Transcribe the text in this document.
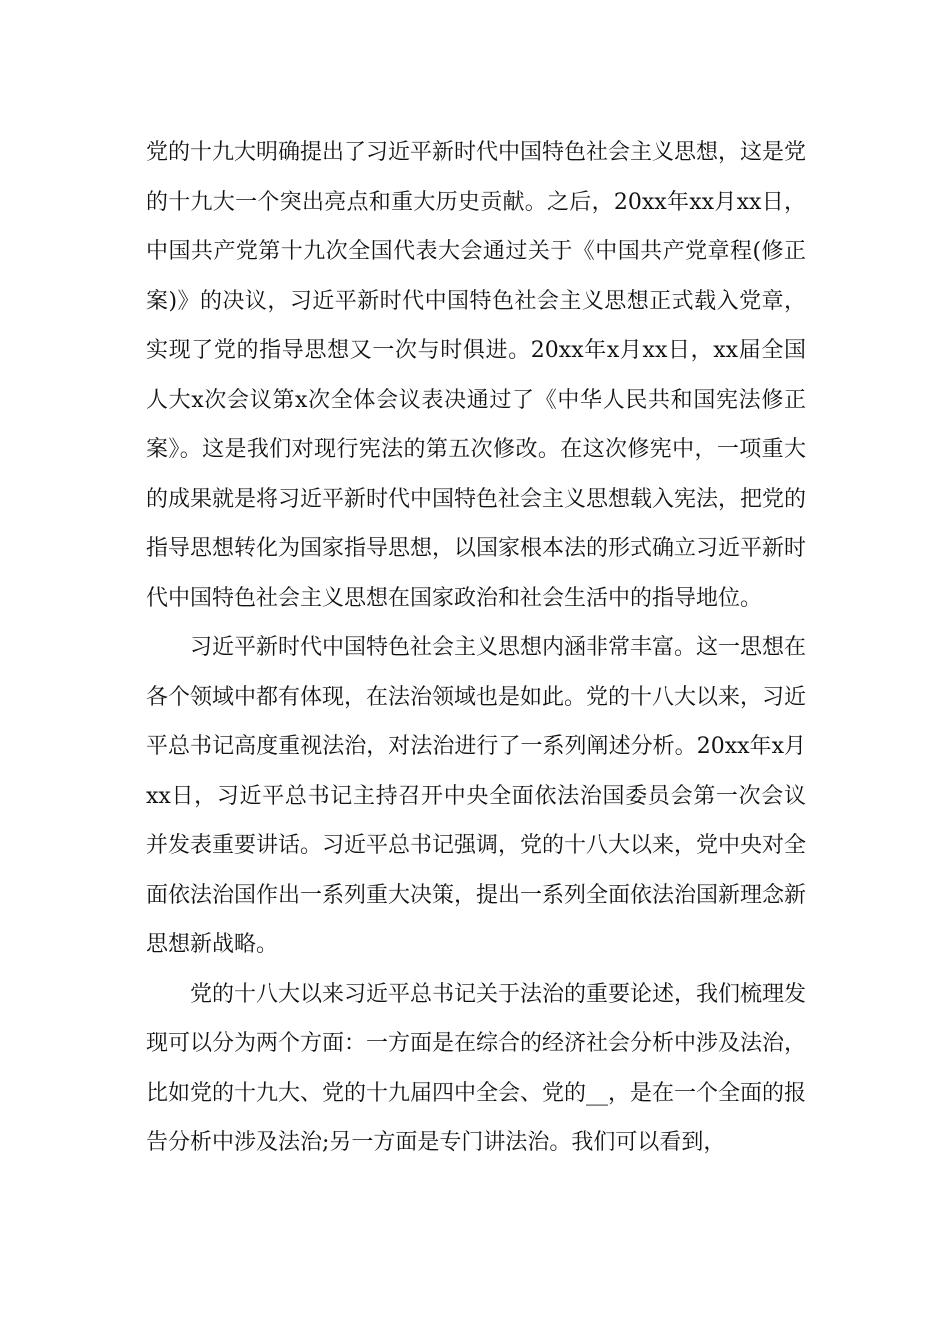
党的十九大明确提出了习近平新时代中国特色社会主义思想，这是党的十九大一个突出亮点和重大历史贡献。之后，20xx年xx月xx日，中国共产党第十九次全国代表大会通过关于《中国共产党章程(修正案)》的决议，习近平新时代中国特色社会主义思想正式载入党章，实现了党的指导思想又一次与时俱进。20xx年x月xx日，xx届全国人大x次会议第x次全体会议表决通过了《中华人民共和国宪法修正案》。这是我们对现行宪法的第五次修改。在这次修宪中，一项重大的成果就是将习近平新时代中国特色社会主义思想载入宪法，把党的指导思想转化为国家指导思想，以国家根本法的形式确立习近平新时代中国特色社会主义思想在国家政治和社会生活中的指导地位。

习近平新时代中国特色社会主义思想内涵非常丰富。这一思想在各个领域中都有体现，在法治领域也是如此。党的十八大以来，习近平总书记高度重视法治，对法治进行了一系列阐述分析。20xx年x月xx日，习近平总书记主持召开中央全面依法治国委员会第一次会议并发表重要讲话。习近平总书记强调，党的十八大以来，党中央对全面依法治国作出一系列重大决策，提出一系列全面依法治国新理念新思想新战略。

党的十八大以来习近平总书记关于法治的重要论述，我们梳理发现可以分为两个方面：一方面是在综合的经济社会分析中涉及法治，比如党的十九大、党的十九届四中全会、党的__，是在一个全面的报告分析中涉及法治;另一方面是专门讲法治。我们可以看到，
